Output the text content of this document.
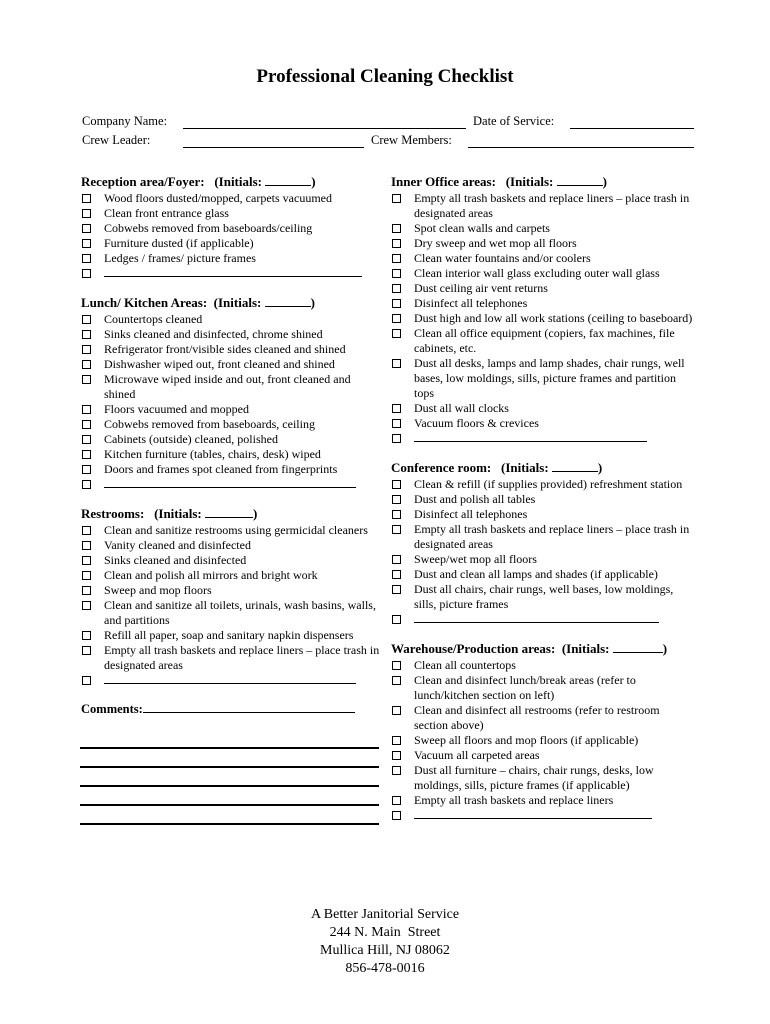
Professional Cleaning Checklist
Company Name:	Date of Service:
Crew Leader:	Crew Members:
Reception area/Foyer: (Initials:	)
Wood floors dusted/mopped, carpets vacuumed
Clean front entrance glass
Cobwebs removed from baseboards/ceiling
Furniture dusted (if applicable)
Ledges / frames/ picture frames
Lunch/ Kitchen Areas: (Initials:	)
Countertops cleaned
Sinks cleaned and disinfected, chrome shined
Refrigerator front/visible sides cleaned and shined
Dishwasher wiped out, front cleaned and shined
Microwave wiped inside and out, front cleaned and shined
Floors vacuumed and mopped
Cobwebs removed from baseboards, ceiling
Cabinets (outside) cleaned, polished
Kitchen furniture (tables, chairs, desk) wiped
Doors and frames spot cleaned from fingerprints
Restrooms: (Initials:	)
Clean and sanitize restrooms using germicidal cleaners
Vanity cleaned and disinfected
Sinks cleaned and disinfected
Clean and polish all mirrors and bright work
Sweep and mop floors
Clean and sanitize all toilets, urinals, wash basins, walls, and partitions
Refill all paper, soap and sanitary napkin dispensers
Empty all trash baskets and replace liners – place trash in designated areas
Comments:
Inner Office areas: (Initials:	)
Empty all trash baskets and replace liners – place trash in designated areas
Spot clean walls and carpets
Dry sweep and wet mop all floors
Clean water fountains and/or coolers
Clean interior wall glass excluding outer wall glass
Dust ceiling air vent returns
Disinfect all telephones
Dust high and low all work stations (ceiling to baseboard)
Clean all office equipment (copiers, fax machines, file cabinets, etc.
Dust all desks, lamps and lamp shades, chair rungs, well bases, low moldings, sills, picture frames and partition tops
Dust all wall clocks
Vacuum floors & crevices
Conference room: (Initials:	)
Clean & refill (if supplies provided) refreshment station
Dust and polish all tables
Disinfect all telephones
Empty all trash baskets and replace liners – place trash in designated areas
Sweep/wet mop all floors
Dust and clean all lamps and shades (if applicable)
Dust all chairs, chair rungs, well bases, low moldings, sills, picture frames
Warehouse/Production areas: (Initials:	)
Clean all countertops
Clean and disinfect lunch/break areas (refer to lunch/kitchen section on left)
Clean and disinfect all restrooms (refer to restroom section above)
Sweep all floors and mop floors (if applicable)
Vacuum all carpeted areas
Dust all furniture – chairs, chair rungs, desks, low moldings, sills, picture frames (if applicable)
Empty all trash baskets and replace liners
A Better Janitorial Service
244 N. Main  Street
Mullica Hill, NJ 08062
856-478-0016
